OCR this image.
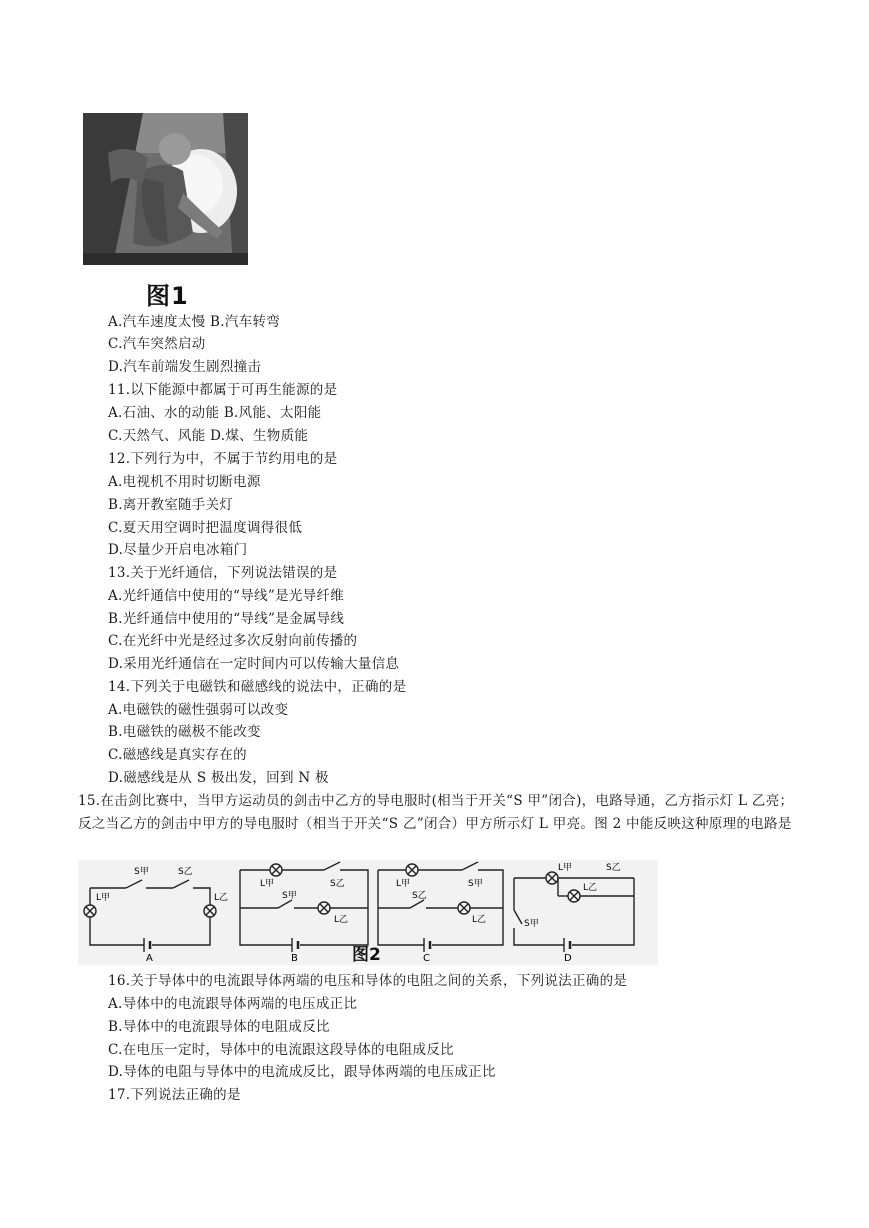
图1
A.汽车速度太慢 B.汽车转弯
C.汽车突然启动
D.汽车前端发生剧烈撞击
11.以下能源中都属于可再生能源的是
A.石油、水的动能 B.风能、太阳能
C.天然气、风能 D.煤、生物质能
12.下列行为中，不属于节约用电的是
A.电视机不用时切断电源
B.离开教室随手关灯
C.夏天用空调时把温度调得很低
D.尽量少开启电冰箱门
13.关于光纤通信，下列说法错误的是
A.光纤通信中使用的“导线”是光导纤维
B.光纤通信中使用的“导线”是金属导线
C.在光纤中光是经过多次反射向前传播的
D.采用光纤通信在一定时间内可以传输大量信息
14.下列关于电磁铁和磁感线的说法中，正确的是
A.电磁铁的磁性强弱可以改变
B.电磁铁的磁极不能改变
C.磁感线是真实存在的
D.磁感线是从 S 极出发，回到 N 极
15.在击剑比赛中，当甲方运动员的剑击中乙方的导电服时(相当于开关“S 甲”闭合)，电路导通，乙方指示灯 L 乙亮；反之当乙方的剑击中甲方的导电服时（相当于开关“S 乙”闭合）甲方所示灯 L 甲亮。图 2 中能反映这种原理的电路是
S甲	S乙
L甲	L乙
A
L甲	S乙
S甲
L乙
B
L甲	S甲
S乙
L乙
C
L甲
L乙
S甲
S乙
D
图2
16.关于导体中的电流跟导体两端的电压和导体的电阻之间的关系，下列说法正确的是
A.导体中的电流跟导体两端的电压成正比
B.导体中的电流跟导体的电阻成反比
C.在电压一定时，导体中的电流跟这段导体的电阻成反比
D.导体的电阻与导体中的电流成反比，跟导体两端的电压成正比
17.下列说法正确的是
